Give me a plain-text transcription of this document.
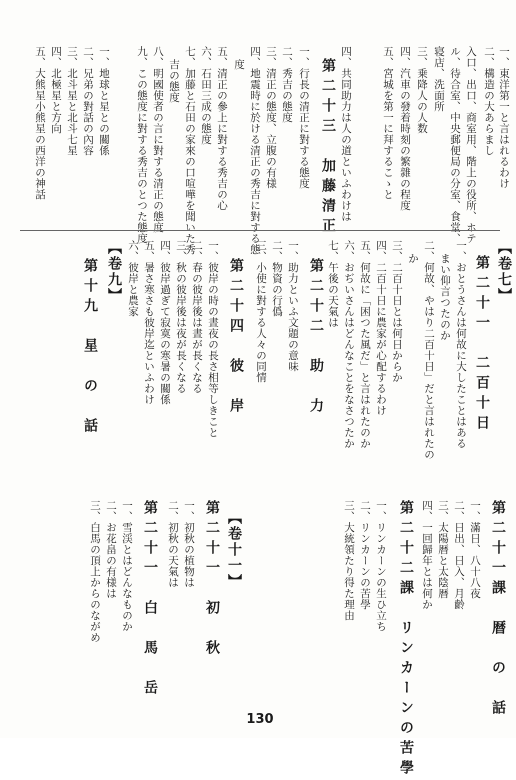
一、東洋第一と言はれるわけ
二、構造の大あらまし
入口、出口、商室用、階上の役所、ホテ
ル、待合室、中央郵便局の分室、食堂、
寝店、洗面所
三、乗降人の人数
四、汽車の發着時刻の繁雜の程度
五、宮城を第一に拜するこゝと
四、共同助力は人の道といふわけは
第二十三　加藤清正
一、行長の清正に對する態度
二、秀吉の態度
三、清正の態度、立腹の有様
四、地震時に於ける清正の秀吉に對する態
度
五、清正の參上に對する秀吉の心
六、石田三成の態度
七、加藤と石田の家來の口喧嘩を聞いた秀
吉の態度
八、明國使者の言に對する清正の態度
九、この態度に對する秀吉のとつた態度
一、地球と星との關係
二、兄弟の對話の內容
三、北斗星と北斗七星
四、北極星と方向
五、大熊星小熊星の西洋の神話
【卷七】
第二十一　二百十日
一、おとうさんは何故に大したことはある
まい仰言つたのか
二、何故、やはり二百十日」だと言はれたの
か
三、二百十日とは何日からか
四、二百十日に農家が心配するわけ
五、何故に「困つた風だ」と言はれたのか
六、おぢいさんはどんなことをなさつたか
七、午後の天氣は
第二十二　助　力
一、助力といふ文題の意味
二、物資の行僞
三、小使に對する人々の同情
第二十四　彼　岸
一、彼岸の時の晝夜の長さ相等しきこと
二、春の彼岸後は晝が長くなる
三、秋の彼岸後は夜が長くなる
四、彼岸過ぎて寂寞の寒暑の關係
五、暑さ寒さも彼岸迄といふわけ
六、彼岸と農家
【卷九】
第十九　星　の　話
【卷十一】
第二十一　初　秋
一、初秋の植物は
二、初秋の天氣は
第二十一　白　馬　岳
一、雪渓とはどんなものか
二、お花畠の有様は
三、白馬の頂上からのながめ	第二十一課　暦　の　話
一、滿日、八十八夜
二、日出、日入、月齡
三、太陽暦と太陰暦
四、一回歸年とは何か
第二十二課　リンカーンの苦學
一、リンカーンの生ひ立ち
二、リンカーンの苦學
三、大統領たり得た理由
130
